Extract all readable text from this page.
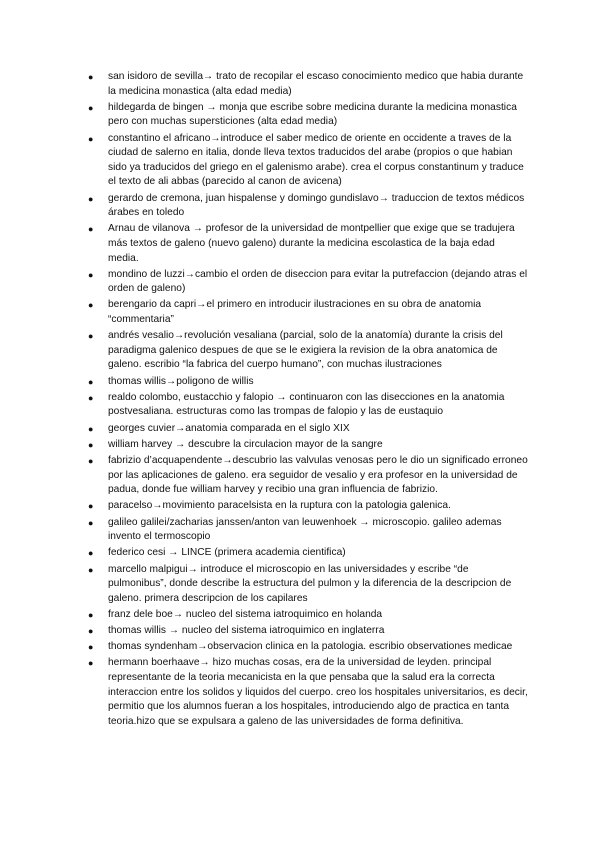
●	san isidoro de sevilla→ trato de recopilar el escaso conocimiento medico que habia durante la medicina monastica (alta edad media)
●	hildegarda de bingen → monja que escribe sobre medicina durante la medicina monastica pero con muchas supersticiones (alta edad media)
●	constantino el africano→introduce el saber medico de oriente en occidente a traves de la ciudad de salerno en italia, donde lleva textos traducidos del arabe (propios o que habian sido ya traducidos del griego en el galenismo arabe). crea el corpus constantinum y traduce el texto de ali abbas (parecido al canon de avicena)
●	gerardo de cremona, juan hispalense y domingo gundislavo→ traduccion de textos médicos árabes en toledo
●	Arnau de vilanova → profesor de la universidad de montpellier que exige que se tradujera más textos de galeno (nuevo galeno) durante la medicina escolastica de la baja edad media.
●	mondino de luzzi→cambio el orden de diseccion para evitar la putrefaccion (dejando atras el orden de galeno)
●	berengario da capri→el primero en introducir ilustraciones en su obra de anatomia “commentaria”
●	andrés vesalio→revolución vesaliana (parcial, solo de la anatomía) durante la crisis del paradigma galenico despues de que se le exigiera la revision de la obra anatomica de galeno. escribio “la fabrica del cuerpo humano”, con muchas ilustraciones
●	thomas willis→poligono de willis
●	realdo colombo, eustacchio y falopio → continuaron con las disecciones en la anatomia postvesaliana. estructuras como las trompas de falopio y las de eustaquio
●	georges cuvier→anatomia comparada en el siglo XIX
●	william harvey → descubre la circulacion mayor de la sangre
●	fabrizio d’acquapendente→descubrio las valvulas venosas pero le dio un significado erroneo por las aplicaciones de galeno. era seguidor de vesalio y era profesor en la universidad de padua, donde fue william harvey y recibio una gran influencia de fabrizio.
●	paracelso→movimiento paracelsista en la ruptura con la patologia galenica.
●	galileo galilei/zacharias janssen/anton van leuwenhoek → microscopio. galileo ademas invento el termoscopio
●	federico cesi → LINCE (primera academia cientifica)
●	marcello malpigui→ introduce el microscopio en las universidades y escribe “de pulmonibus”, donde describe la estructura del pulmon y la diferencia de la descripcion de galeno. primera descripcion de los capilares
●	franz dele boe→ nucleo del sistema iatroquimico en holanda
●	thomas willis → nucleo del sistema iatroquimico en inglaterra
●	thomas syndenham→observacion clinica en la patologia. escribio observationes medicae
●	hermann boerhaave→ hizo muchas cosas, era de la universidad de leyden. principal representante de la teoria mecanicista en la que pensaba que la salud era la correcta interaccion entre los solidos y liquidos del cuerpo. creo los hospitales universitarios, es decir, permitio que los alumnos fueran a los hospitales, introduciendo algo de practica en tanta teoria.hizo que se expulsara a galeno de las universidades de forma definitiva.
